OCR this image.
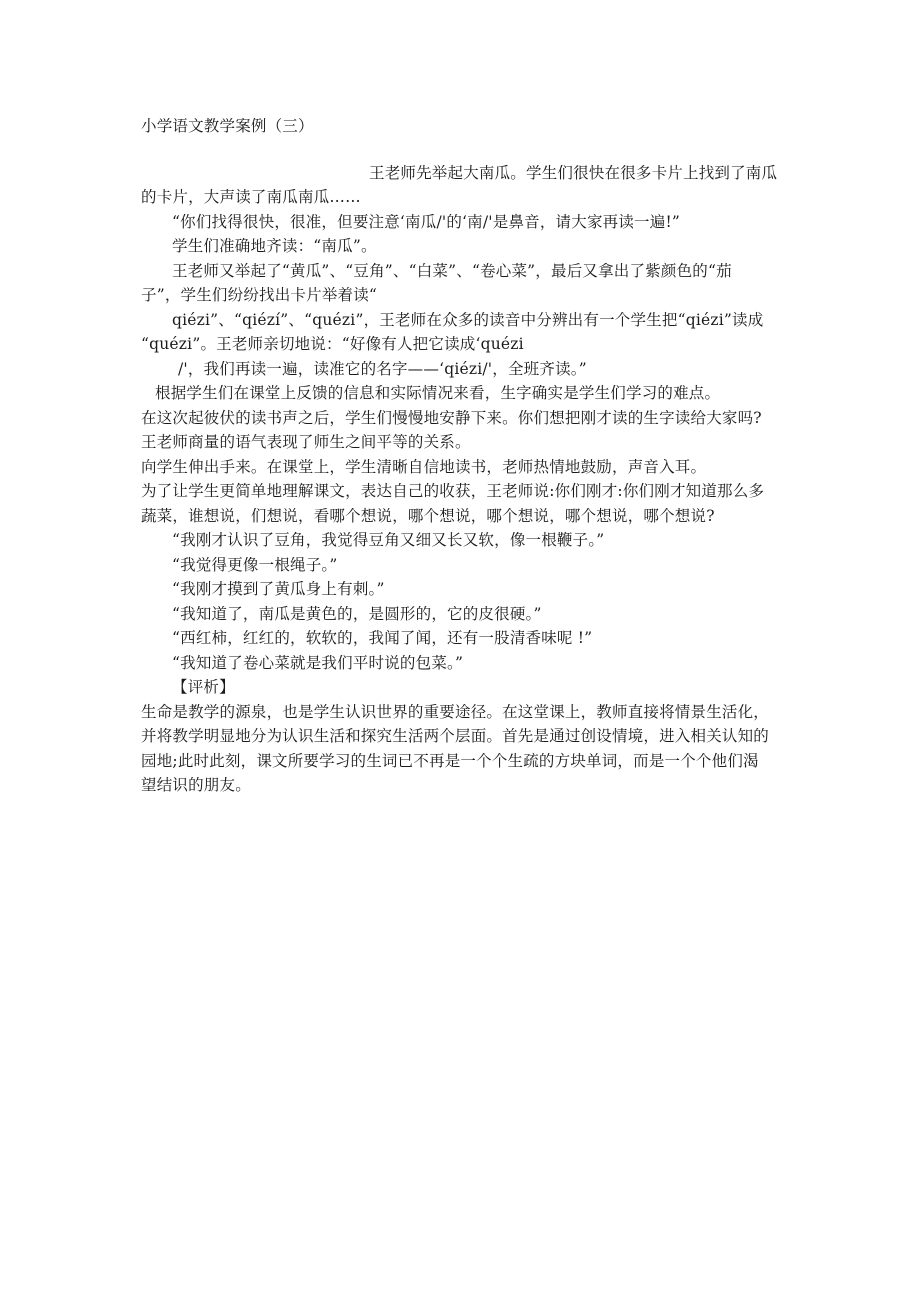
小学语文教学案例（三）
王老师先举起大南瓜。学生们很快在很多卡片上找到了南瓜
的卡片，大声读了南瓜南瓜……
“你们找得很快，很准，但要注意‘南瓜/'的‘南/'是鼻音，请大家再读一遍!”
学生们准确地齐读：“南瓜”。
王老师又举起了“黄瓜”、“豆角”、“白菜”、“卷心菜”，最后又拿出了紫颜色的“茄
子”，学生们纷纷找出卡片举着读“
qiézi”、“qiézí”、“quézi”，王老师在众多的读音中分辨出有一个学生把“qiézi”读成
“quézi”。王老师亲切地说：“好像有人把它读成‘quézi
/'，我们再读一遍，读准它的名字——‘qiézi/'，全班齐读。”
根据学生们在课堂上反馈的信息和实际情况来看，生字确实是学生们学习的难点。
在这次起彼伏的读书声之后，学生们慢慢地安静下来。你们想把刚才读的生字读给大家吗?
王老师商量的语气表现了师生之间平等的关系。
向学生伸出手来。在课堂上，学生清晰自信地读书，老师热情地鼓励，声音入耳。
为了让学生更简单地理解课文，表达自己的收获，王老师说:你们刚才:你们刚才知道那么多
蔬菜，谁想说，们想说，看哪个想说，哪个想说，哪个想说，哪个想说，哪个想说?
“我刚才认识了豆角，我觉得豆角又细又长又软，像一根鞭子。”
“我觉得更像一根绳子。”
“我刚才摸到了黄瓜身上有刺。”
“我知道了，南瓜是黄色的，是圆形的，它的皮很硬。”
“西红柿，红红的，软软的，我闻了闻，还有一股清香味呢 !”
“我知道了卷心菜就是我们平时说的包菜。”
【评析】
生命是教学的源泉，也是学生认识世界的重要途径。在这堂课上，教师直接将情景生活化，
并将教学明显地分为认识生活和探究生活两个层面。首先是通过创设情境，进入相关认知的
园地;此时此刻，课文所要学习的生词已不再是一个个生疏的方块单词，而是一个个他们渴
望结识的朋友。
